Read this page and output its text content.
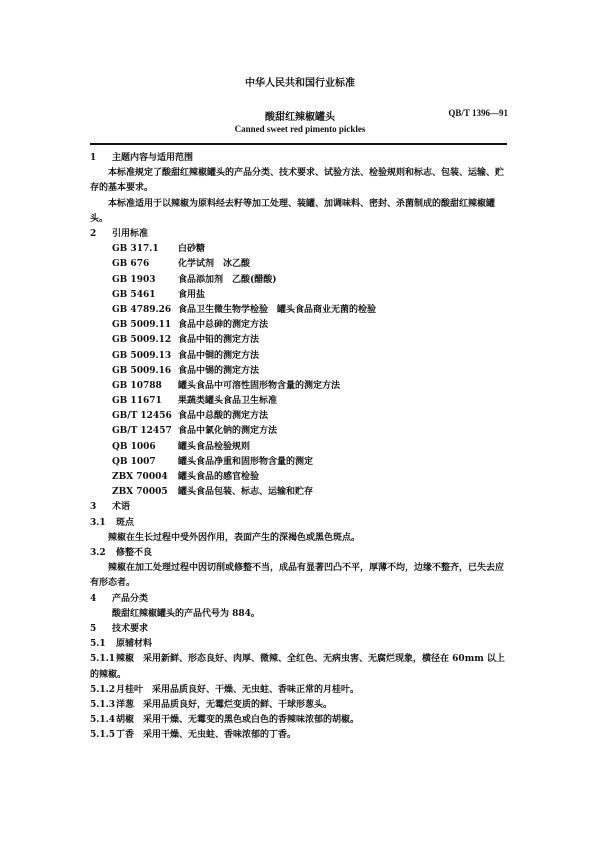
中华人民共和国行业标准
酸甜红辣椒罐头	QB/T 1396—91
Canned sweet red pimento pickles
1 主题内容与适用范围
本标准规定了酸甜红辣椒罐头的产品分类、技术要求、试验方法、检验规则和标志、包装、运输、贮存的基本要求。
本标准适用于以辣椒为原料经去籽等加工处理、装罐、加调味料、密封、杀菌制成的酸甜红辣椒罐头。
2 引用标准
GB 317.1 白砂糖
GB 676	化学试剂　冰乙酸
GB 1903	食品添加剂　乙酸(醋酸)
GB 5461	食用盐
GB 4789.26 食品卫生微生物学检验　罐头食品商业无菌的检验
GB 5009.11 食品中总砷的测定方法
GB 5009.12 食品中铅的测定方法
GB 5009.13 食品中铜的测定方法
GB 5009.16 食品中锡的测定方法
GB 10788 罐头食品中可溶性固形物含量的测定方法
GB 11671 果蔬类罐头食品卫生标准
GB/T 12456 食品中总酸的测定方法
GB/T 12457 食品中氯化钠的测定方法
QB 1006 罐头食品检验规则
QB 1007 罐头食品净重和固形物含量的测定
ZBX 70004 罐头食品的感官检验
ZBX 70005 罐头食品包装、标志、运输和贮存
3 术语
3.1 斑点
辣椒在生长过程中受外因作用，表面产生的深褐色或黑色斑点。
3.2 修整不良
辣椒在加工处理过程中因切削或修整不当，成品有显著凹凸不平，厚薄不均，边缘不整齐，已失去应有形态者。
4 产品分类
酸甜红辣椒罐头的产品代号为 884。
5 技术要求
5.1 原辅材料
5.1.1辣椒　 采用新鲜、形态良好、肉厚、微辣、全红色、无病虫害、无腐烂现象，横径在 60mm 以上的辣椒。
5.1.2月桂叶　 采用品质良好、干燥、无虫蛀、香味正常的月桂叶。
5.1.3洋葱　 采用品质良好，无霉烂变质的鲜、干球形葱头。
5.1.4胡椒　 采用干燥、无霉变的黑色或白色的香辣味浓郁的胡椒。
5.1.5丁香　 采用干燥、无虫蛀、香味浓郁的丁香。
